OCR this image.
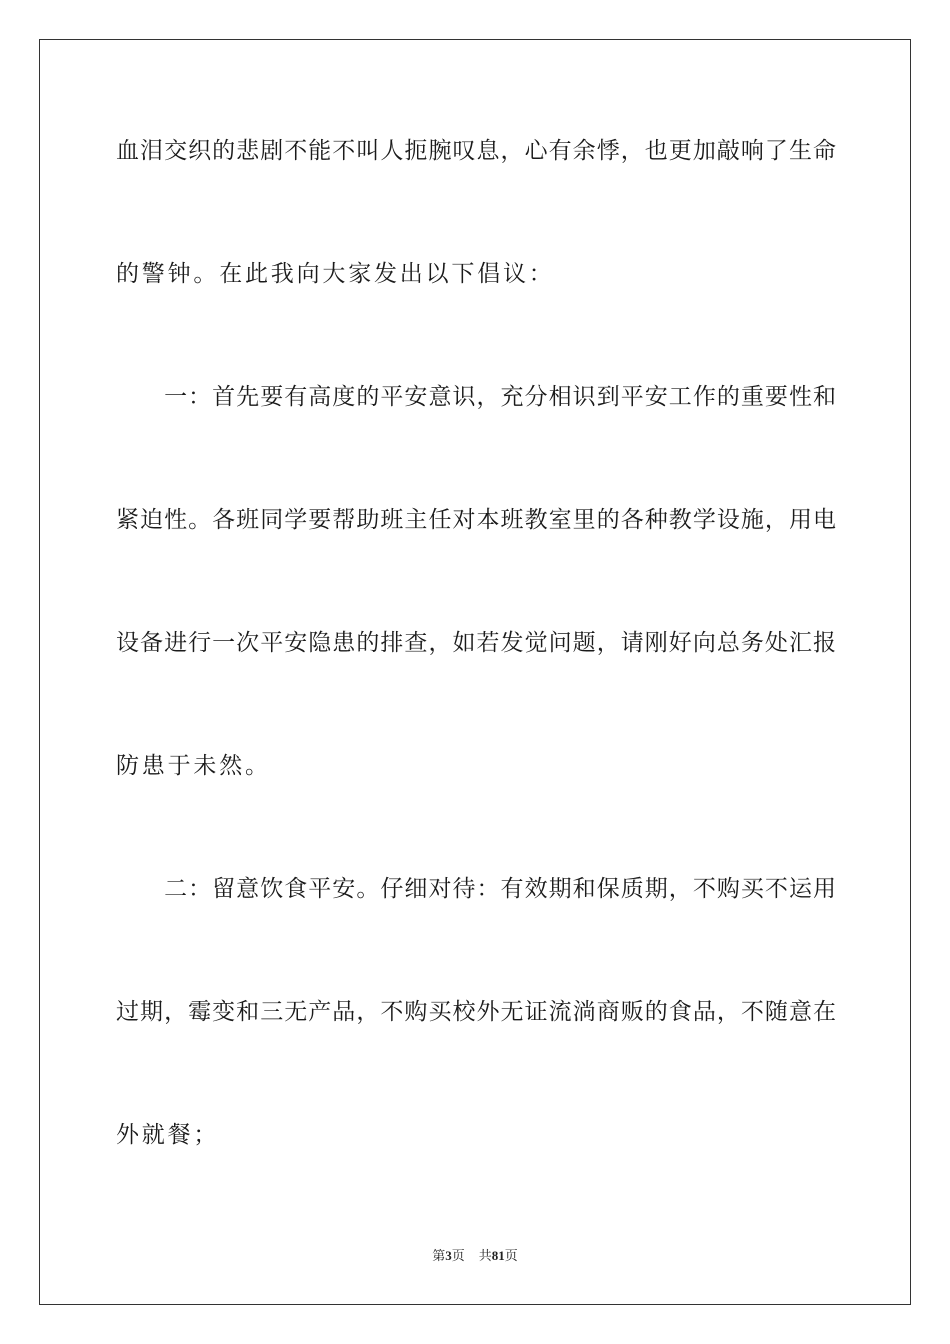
血泪交织的悲剧不能不叫人扼腕叹息，心有余悸，也更加敲响了生命
的警钟。在此我向大家发出以下倡议：
　　一：首先要有高度的平安意识，充分相识到平安工作的重要性和
紧迫性。各班同学要帮助班主任对本班教室里的各种教学设施，用电
设备进行一次平安隐患的排查，如若发觉问题，请刚好向总务处汇报
防患于未然。
　　二：留意饮食平安。仔细对待：有效期和保质期，不购买不运用
过期，霉变和三无产品，不购买校外无证流淌商贩的食品，不随意在
外就餐；
第3页 共81页
